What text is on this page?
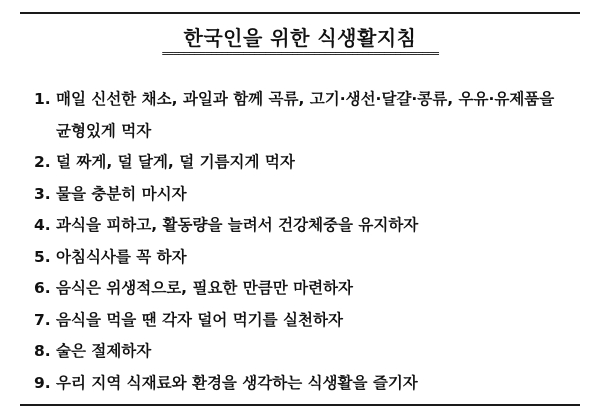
한국인을 위한 식생활지침
===================================================
1. 매일 신선한 채소, 과일과 함께 곡류, 고기·생선·달걀·콩류, 우유·유제품을 균형있게 먹자
2. 덜 짜게, 덜 달게, 덜 기름지게 먹자
3. 물을 충분히 마시자
4. 과식을 피하고, 활동량을 늘려서 건강체중을 유지하자
5. 아침식사를 꼭 하자
6. 음식은 위생적으로, 필요한 만큼만 마련하자
7. 음식을 먹을 땐 각자 덜어 먹기를 실천하자
8. 술은 절제하자
9. 우리 지역 식재료와 환경을 생각하는 식생활을 즐기자
